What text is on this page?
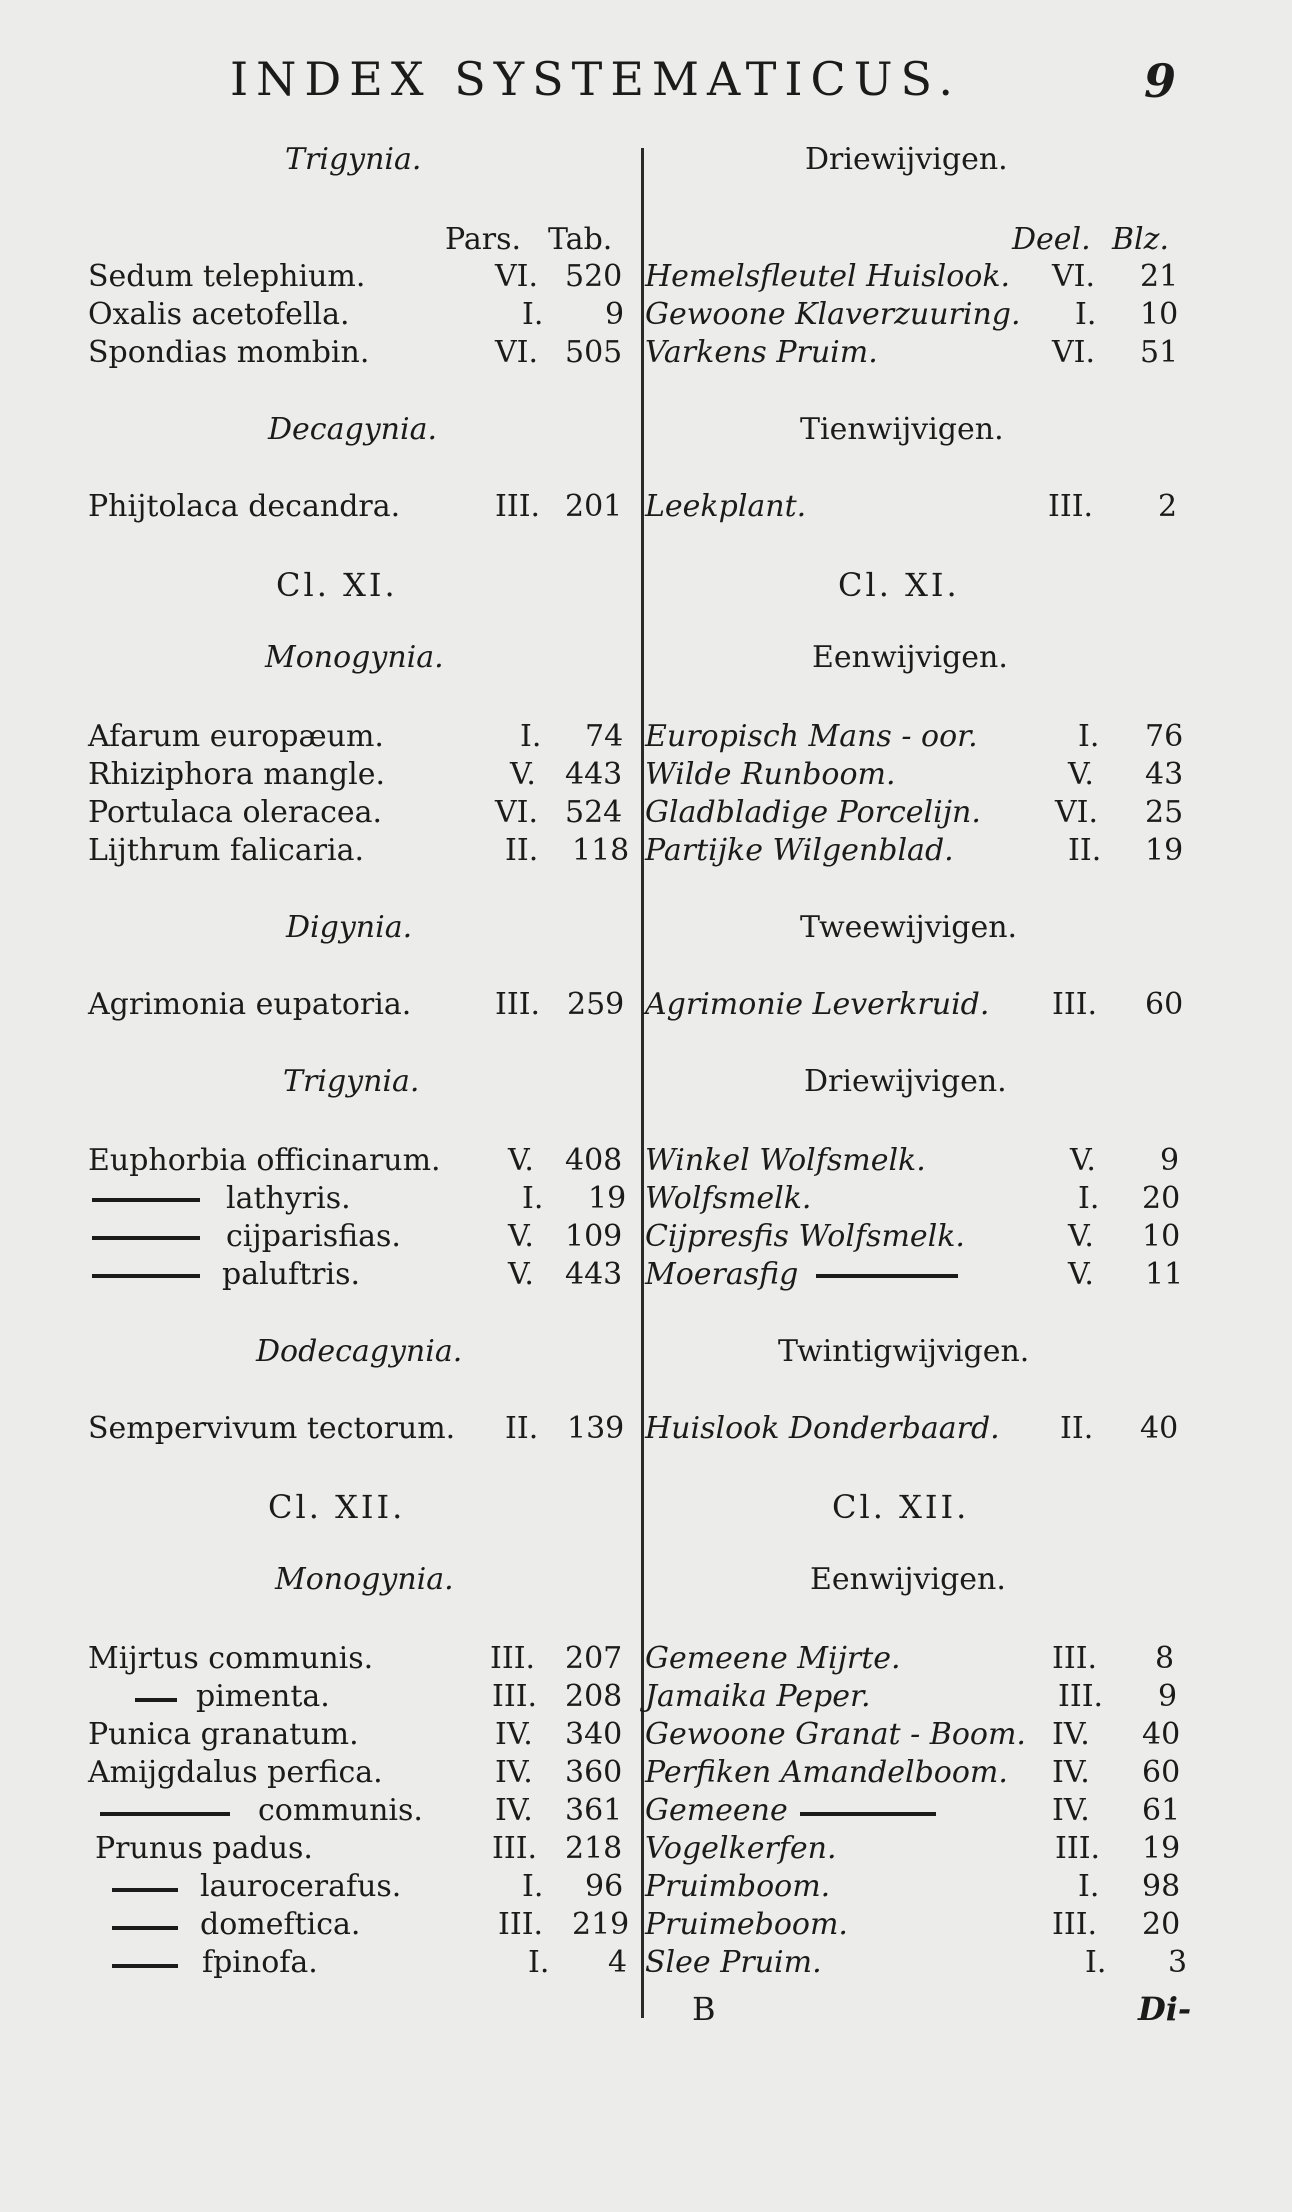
INDEX SYSTEMATICUS.	9
Trigynia.	Driewijvigen.
Pars. Tab.	Deel. Blz.
Sedum telephium.	VI. 520 Hemelsfleutel Huislook. VI. 21
Oxalis acetofella.	I. 9 Gewoone Klaverzuuring. I. 10
Spondias mombin.	VI. 505 Varkens Pruim.	VI. 51
Decagynia.	Tienwijvigen.
Phijtolaca decandra.	III. 201 Leekplant.	III. 2
Cl. XI.	Cl. XI.
Monogynia.	Eenwijvigen.
Afarum europæum.	I. 74 Europisch Mans - oor.	I. 76
Rhiziphora mangle.	V. 443 Wilde Runboom.	V. 43
Portulaca oleracea.	VI. 524 Gladbladige Porcelijn. VI. 25
Lijthrum falicaria.	II. 118 Partijke Wilgenblad.	II. 19
Digynia.	Tweewijvigen.
Agrimonia eupatoria.	III. 259 Agrimonie Leverkruid. III. 60
Trigynia.	Driewijvigen.
Euphorbia officinarum. V. 408 Winkel Wolfsmelk.	V. 9
lathyris.	I. 19 Wolfsmelk.	I. 20
cijparisfias.	V. 109 Cijpresfis Wolfsmelk.	V. 10
paluftris.	V. 443 Moerasfig	V. 11
Dodecagynia.	Twintigwijvigen.
Sempervivum tectorum. II. 139 Huislook Donderbaard. II. 40
Cl. XII.	Cl. XII.
Monogynia.	Eenwijvigen.
Mijrtus communis.	III. 207 Gemeene Mijrte.	III. 8
pimenta.	III. 208 Jamaika Peper.	III. 9
Punica granatum.	IV. 340 Gewoone Granat - Boom. IV. 40
Amijgdalus perfica.	IV. 360 Perfiken Amandelboom. IV. 60
communis. IV. 361 Gemeene	IV. 61
Prunus padus.	III. 218 Vogelkerfen.	III. 19
laurocerafus.	I. 96 Pruimboom.	I. 98
domeftica.	III. 219 Pruimeboom.	III. 20
fpinofa.	I. 4 Slee Pruim.	I. 3
B	Di-
